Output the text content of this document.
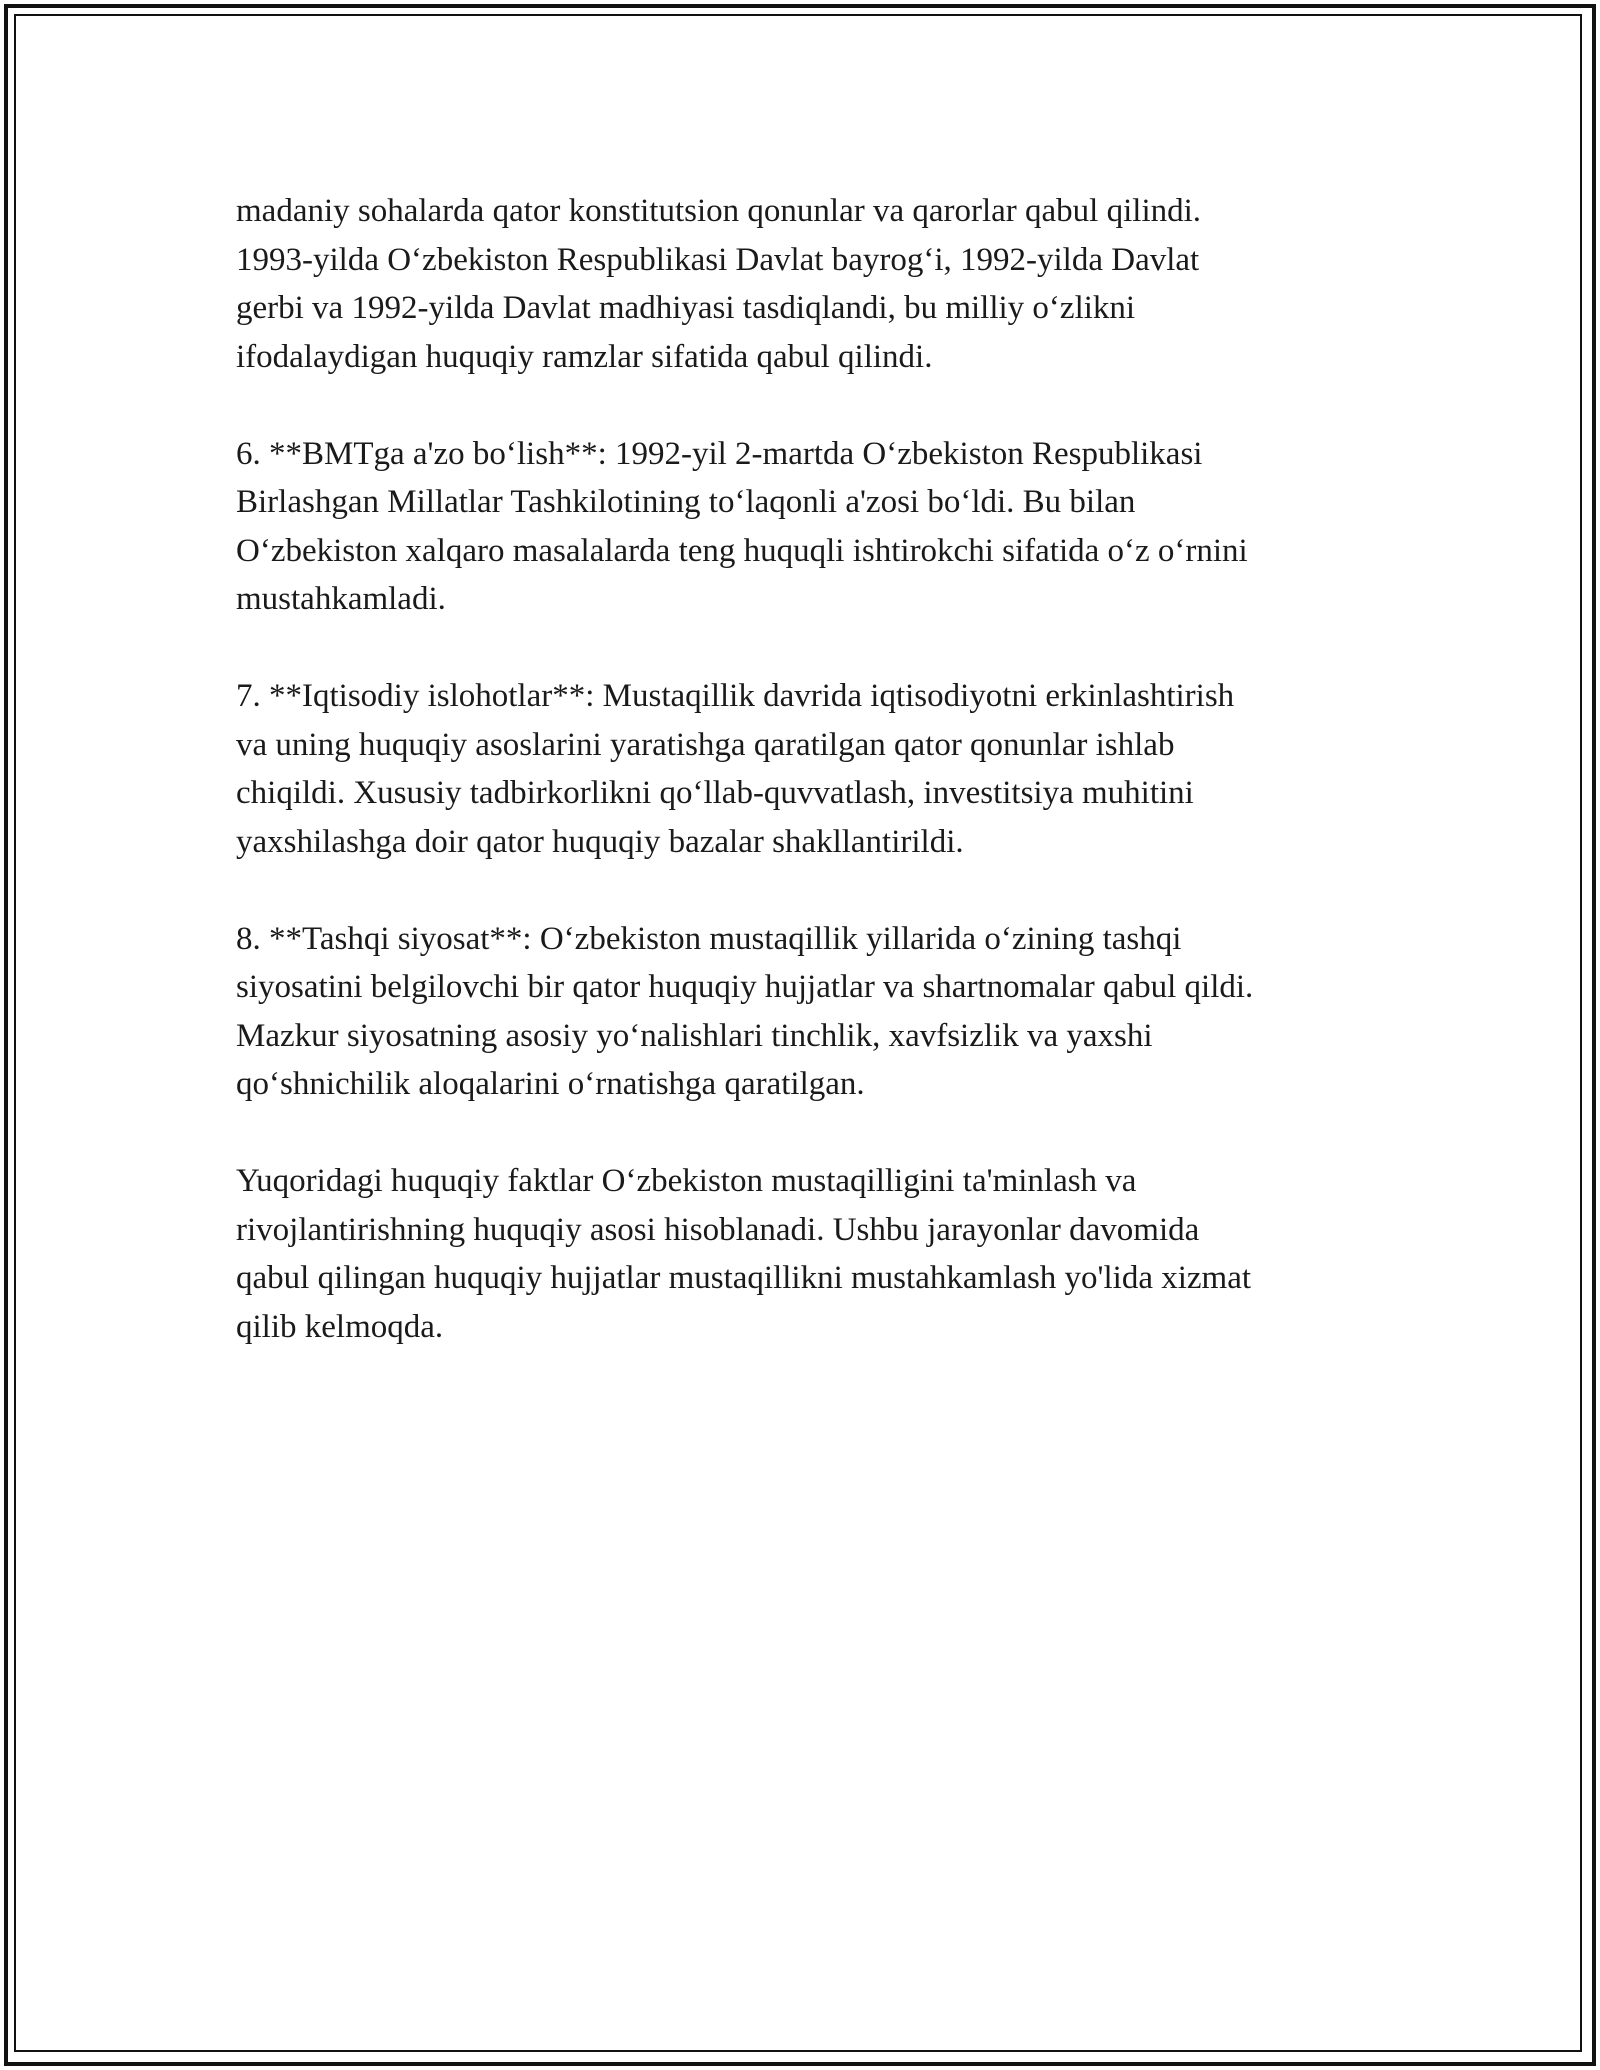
madaniy sohalarda qator konstitutsion qonunlar va qarorlar qabul qilindi.
1993-yilda O‘zbekiston Respublikasi Davlat bayrog‘i, 1992-yilda Davlat
gerbi va 1992-yilda Davlat madhiyasi tasdiqlandi, bu milliy o‘zlikni
ifodalaydigan huquqiy ramzlar sifatida qabul qilindi.

6. **BMTga a'zo bo‘lish**: 1992-yil 2-martda O‘zbekiston Respublikasi
Birlashgan Millatlar Tashkilotining to‘laqonli a'zosi bo‘ldi. Bu bilan
O‘zbekiston xalqaro masalalarda teng huquqli ishtirokchi sifatida o‘z o‘rnini
mustahkamladi.

7. **Iqtisodiy islohotlar**: Mustaqillik davrida iqtisodiyotni erkinlashtirish
va uning huquqiy asoslarini yaratishga qaratilgan qator qonunlar ishlab
chiqildi. Xususiy tadbirkorlikni qo‘llab-quvvatlash, investitsiya muhitini
yaxshilashga doir qator huquqiy bazalar shakllantirildi.

8. **Tashqi siyosat**: O‘zbekiston mustaqillik yillarida o‘zining tashqi
siyosatini belgilovchi bir qator huquqiy hujjatlar va shartnomalar qabul qildi.
Mazkur siyosatning asosiy yo‘nalishlari tinchlik, xavfsizlik va yaxshi
qo‘shnichilik aloqalarini o‘rnatishga qaratilgan.

Yuqoridagi huquqiy faktlar O‘zbekiston mustaqilligini ta'minlash va
rivojlantirishning huquqiy asosi hisoblanadi. Ushbu jarayonlar davomida
qabul qilingan huquqiy hujjatlar mustaqillikni mustahkamlash yo'lida xizmat
qilib kelmoqda.
